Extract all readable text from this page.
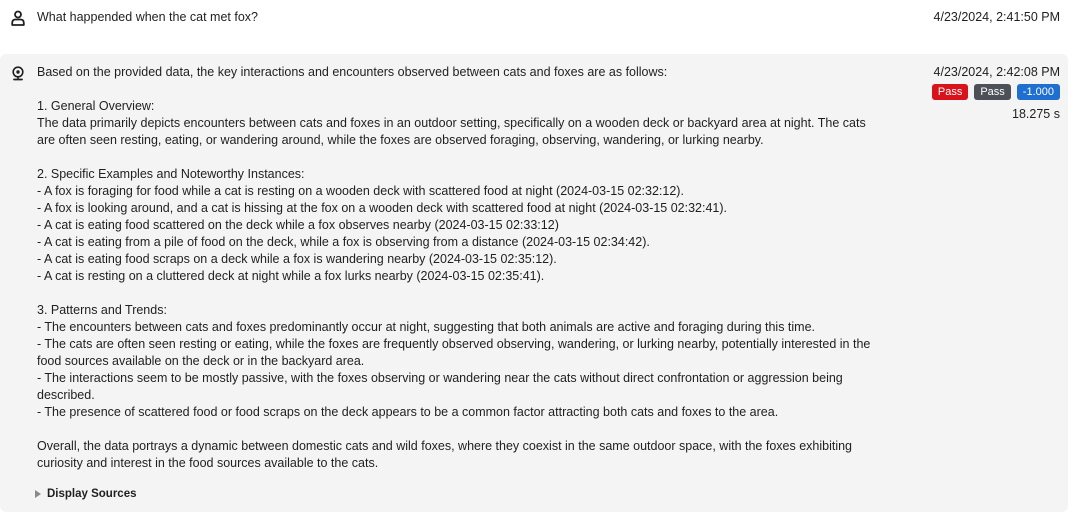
What happended when the cat met fox?	4/23/2024, 2:41:50 PM
Based on the provided data, the key interactions and encounters observed between cats and foxes are as follows:
1. General Overview:
The data primarily depicts encounters between cats and foxes in an outdoor setting, specifically on a wooden deck or backyard area at night. The cats
are often seen resting, eating, or wandering around, while the foxes are observed foraging, observing, wandering, or lurking nearby.
2. Specific Examples and Noteworthy Instances:
- A fox is foraging for food while a cat is resting on a wooden deck with scattered food at night (2024-03-15 02:32:12).
- A fox is looking around, and a cat is hissing at the fox on a wooden deck with scattered food at night (2024-03-15 02:32:41).
- A cat is eating food scattered on the deck while a fox observes nearby (2024-03-15 02:33:12)
- A cat is eating from a pile of food on the deck, while a fox is observing from a distance (2024-03-15 02:34:42).
- A cat is eating food scraps on a deck while a fox is wandering nearby (2024-03-15 02:35:12).
- A cat is resting on a cluttered deck at night while a fox lurks nearby (2024-03-15 02:35:41).
3. Patterns and Trends:
- The encounters between cats and foxes predominantly occur at night, suggesting that both animals are active and foraging during this time.
- The cats are often seen resting or eating, while the foxes are frequently observed observing, wandering, or lurking nearby, potentially interested in the
food sources available on the deck or in the backyard area.
- The interactions seem to be mostly passive, with the foxes observing or wandering near the cats without direct confrontation or aggression being
described.
- The presence of scattered food or food scraps on the deck appears to be a common factor attracting both cats and foxes to the area.
Overall, the data portrays a dynamic between domestic cats and wild foxes, where they coexist in the same outdoor space, with the foxes exhibiting
curiosity and interest in the food sources available to the cats.
4/23/2024, 2:42:08 PM
Pass	Pass	-1.000
18.275 s
Display Sources
